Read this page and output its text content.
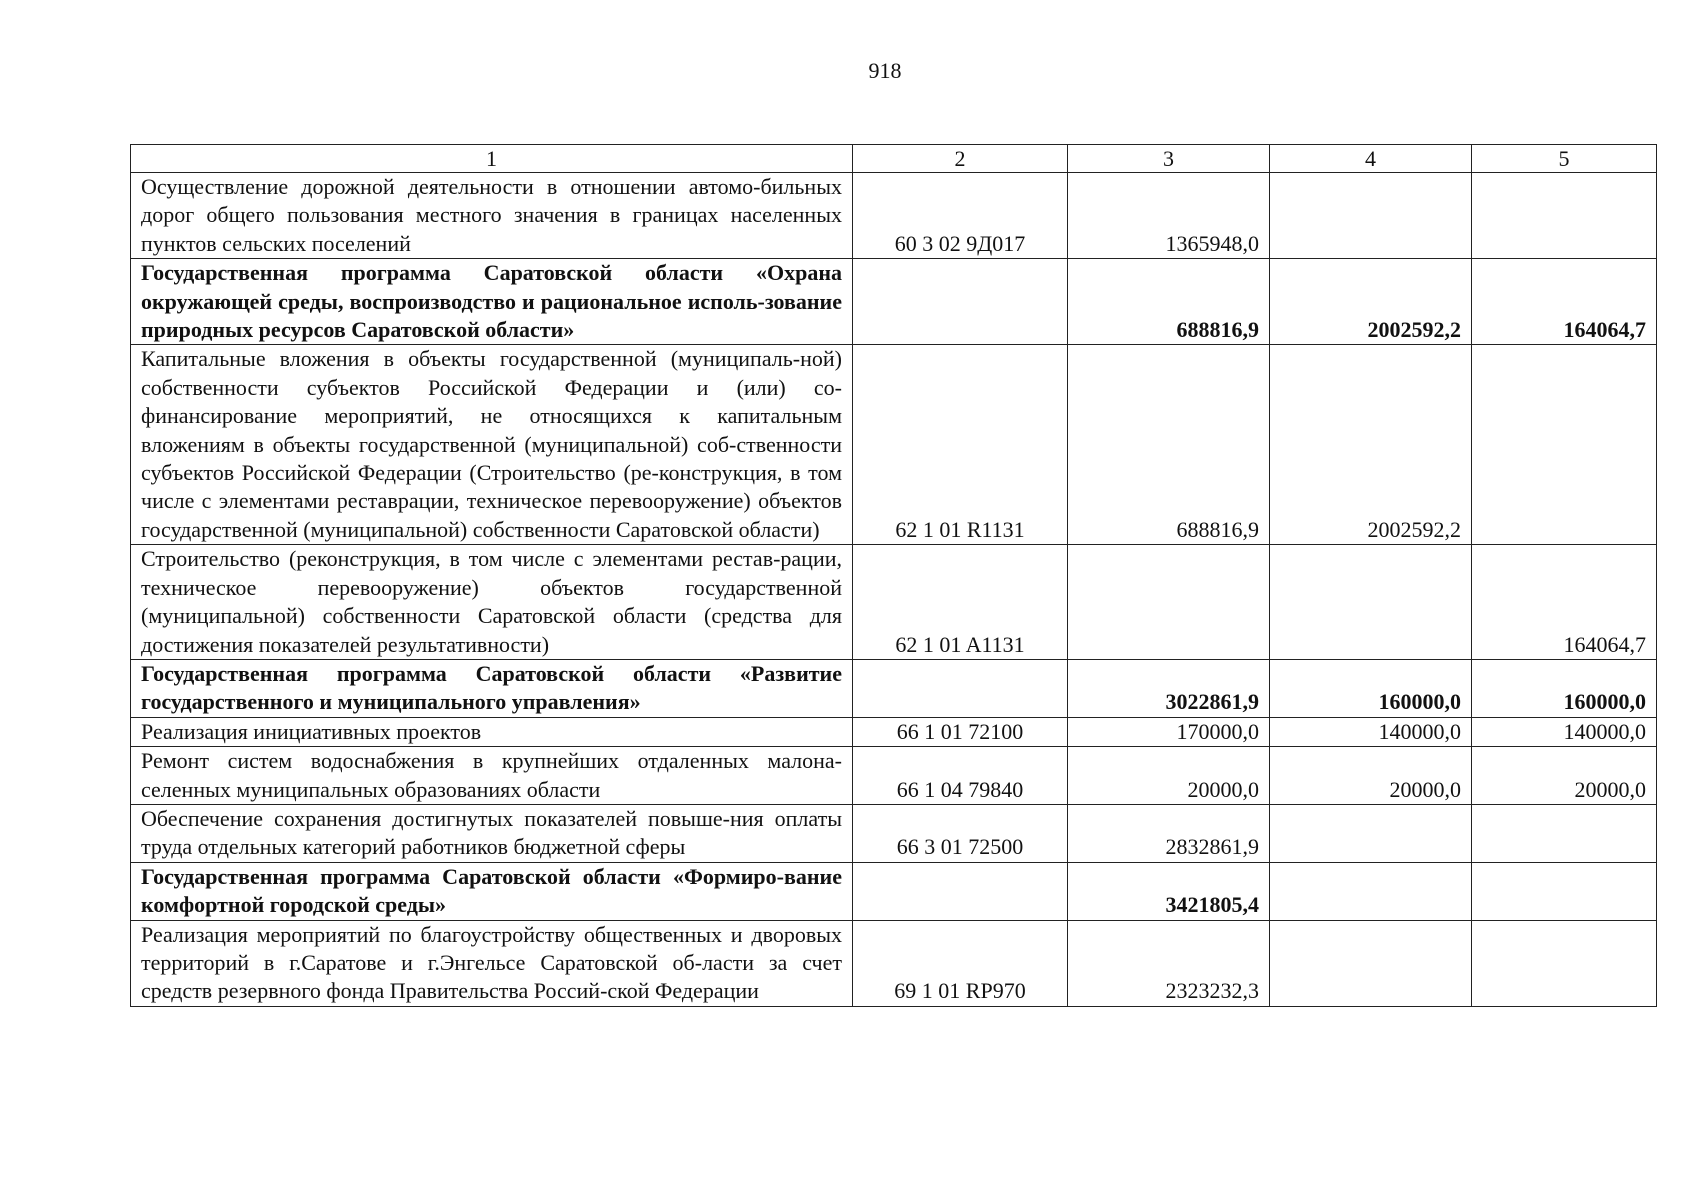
918
1	2	3	4	5
Осуществление дорожной деятельности в отношении автомо-бильных дорог общего пользования местного значения в границах населенных пунктов сельских поселений	60 3 02 9Д017	1365948,0		
Государственная программа Саратовской области «Охрана окружающей среды, воспроизводство и рациональное исполь-зование природных ресурсов Саратовской области»		688816,9	2002592,2	164064,7
Капитальные вложения в объекты государственной (муниципаль-ной) собственности субъектов Российской Федерации и (или) со-финансирование мероприятий, не относящихся к капитальным вложениям в объекты государственной (муниципальной) соб-ственности субъектов Российской Федерации (Строительство (ре-конструкция, в том числе с элементами реставрации, техническое перевооружение) объектов государственной (муниципальной) собственности Саратовской области)	62 1 01 R1131	688816,9	2002592,2	
Строительство (реконструкция, в том числе с элементами рестав-рации, техническое перевооружение) объектов государственной (муниципальной) собственности Саратовской области (средства для достижения показателей результативности)	62 1 01 A1131			164064,7
Государственная программа Саратовской области «Развитие государственного и муниципального управления»		3022861,9	160000,0	160000,0
Реализация инициативных проектов	66 1 01 72100	170000,0	140000,0	140000,0
Ремонт систем водоснабжения в крупнейших отдаленных малона-селенных муниципальных образованиях области	66 1 04 79840	20000,0	20000,0	20000,0
Обеспечение сохранения достигнутых показателей повыше-ния оплаты труда отдельных категорий работников бюджетной сферы	66 3 01 72500	2832861,9		
Государственная программа Саратовской области «Формиро-вание комфортной городской среды»		3421805,4		
Реализация мероприятий по благоустройству общественных и дворовых территорий в г.Саратове и г.Энгельсе Саратовской об-ласти за счет средств резервного фонда Правительства Россий-ской Федерации	69 1 01 RP970	2323232,3		
